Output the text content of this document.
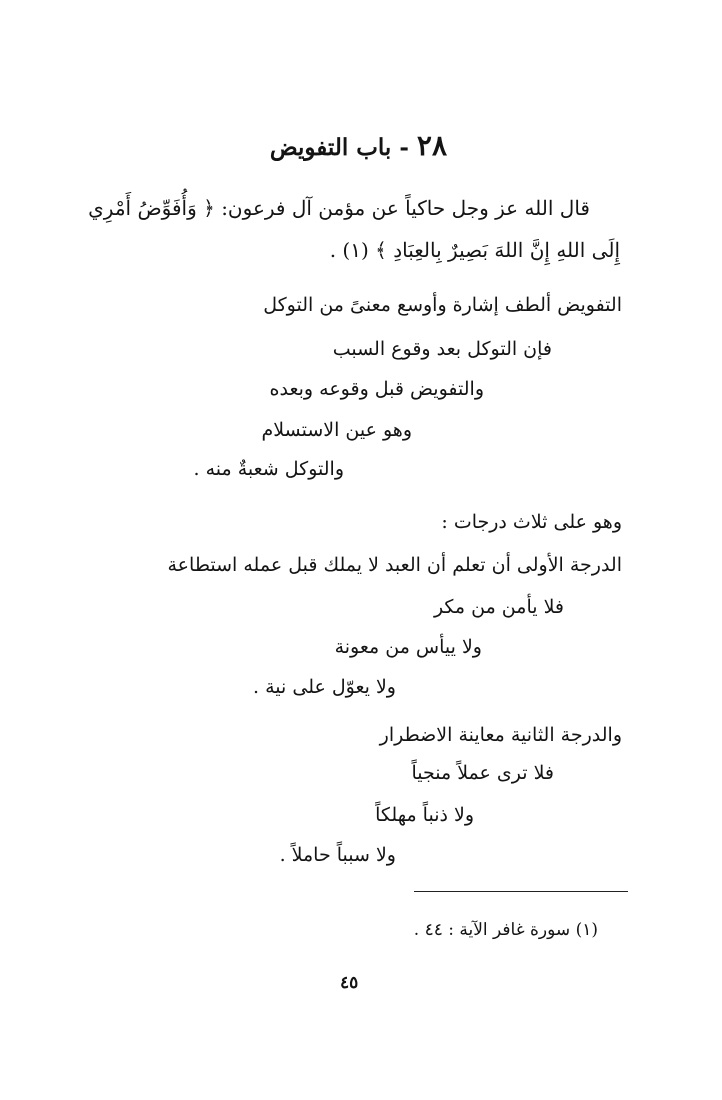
٢٨ - باب التفويض
قال الله عز وجل حاكياً عن مؤمن آل فرعون: ﴿ وَأُفَوِّضُ أَمْرِي
إِلَى اللهِ إِنَّ اللهَ بَصِيرٌ بِالعِبَادِ ﴾ (١) .
التفويض ألطف إشارة وأوسع معنىً من التوكل
فإن التوكل بعد وقوع السبب
والتفويض قبل وقوعه وبعده
وهو عين الاستسلام
والتوكل شعبةٌ منه .
وهو على ثلاث درجات :
الدرجة الأولى أن تعلم أن العبد لا يملك قبل عمله استطاعة
فلا يأمن من مكر
ولا ييأس من معونة
ولا يعوّل على نية .
والدرجة الثانية معاينة الاضطرار
فلا ترى عملاً منجياً
ولا ذنباً مهلكاً
ولا سبباً حاملاً .
(١) سورة غافر الآية : ٤٤ .
٤٥
